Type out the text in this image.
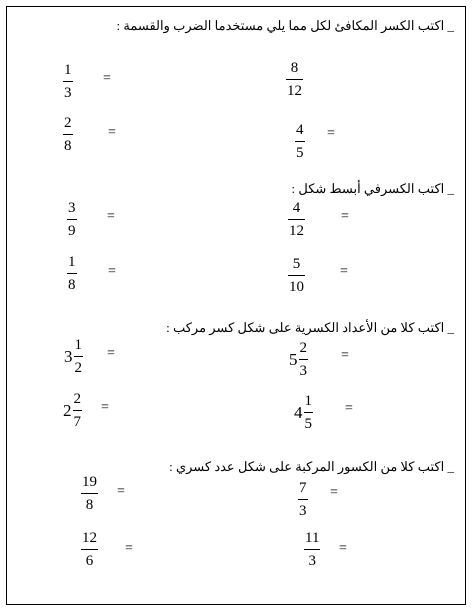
_ اكتب الكسر المكافئ لكل مما يلي مستخدما الضرب والقسمة :
$\frac{1}{3}$ =	$\frac{8}{12}$
$\frac{2}{8}$	=	$\frac{4}{5}$ =
_ اكتب الكسرفي أبسط شكل :
$\frac{3}{9}$ =	$\frac{4}{12}$	=
$\frac{1}{8}$ =	$\frac{5}{10}$	=
_ اكتب كلا من الأعداد الكسرية على شكل كسر مركب :
$3 \frac{1}{2}$ =	$5 \frac{2}{3}$ =
$2 \frac{2}{7}$ =	$4 \frac{1}{5}$ =
_ اكتب كلا من الكسور المركبة على شكل عدد كسري :
$\frac{19}{8}$ =	$\frac{7}{3}$ =
$\frac{12}{6}$ =	$\frac{11}{3}$ =
